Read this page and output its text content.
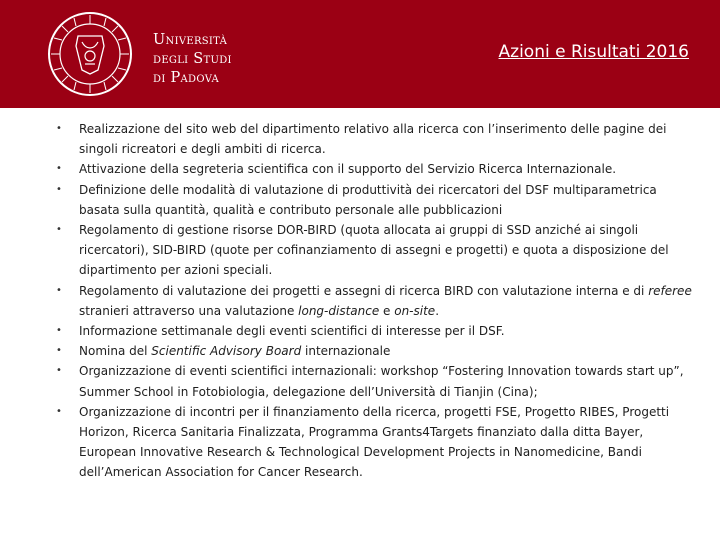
Università
degli Studi
di Padova
Azioni e Risultati 2016
• Realizzazione del sito web del dipartimento relativo alla ricerca con l’inserimento delle pagine dei singoli ricreatori e degli ambiti di ricerca.
• Attivazione della segreteria scientifica con il supporto del Servizio Ricerca Internazionale.
• Definizione delle modalità di valutazione di produttività dei ricercatori del DSF multiparametrica basata sulla quantità, qualità e contributo personale alle pubblicazioni
• Regolamento di gestione risorse DOR-BIRD (quota allocata ai gruppi di SSD anziché ai singoli ricercatori), SID-BIRD (quote per cofinanziamento di assegni e progetti) e quota a disposizione del dipartimento per azioni speciali.
• Regolamento di valutazione dei progetti e assegni di ricerca BIRD con valutazione interna e di referee stranieri attraverso una valutazione long-distance e on-site.
• Informazione settimanale degli eventi scientifici di interesse per il DSF.
• Nomina del Scientific Advisory Board internazionale
• Organizzazione di eventi scientifici internazionali: workshop “Fostering Innovation towards start up”, Summer School in Fotobiologia, delegazione dell’Università di Tianjin (Cina);
• Organizzazione di incontri per il finanziamento della ricerca, progetti FSE, Progetto RIBES, Progetti Horizon, Ricerca Sanitaria Finalizzata, Programma Grants4Targets finanziato dalla ditta Bayer, European Innovative Research & Technological Development Projects in Nanomedicine, Bandi dell’American Association for Cancer Research.
